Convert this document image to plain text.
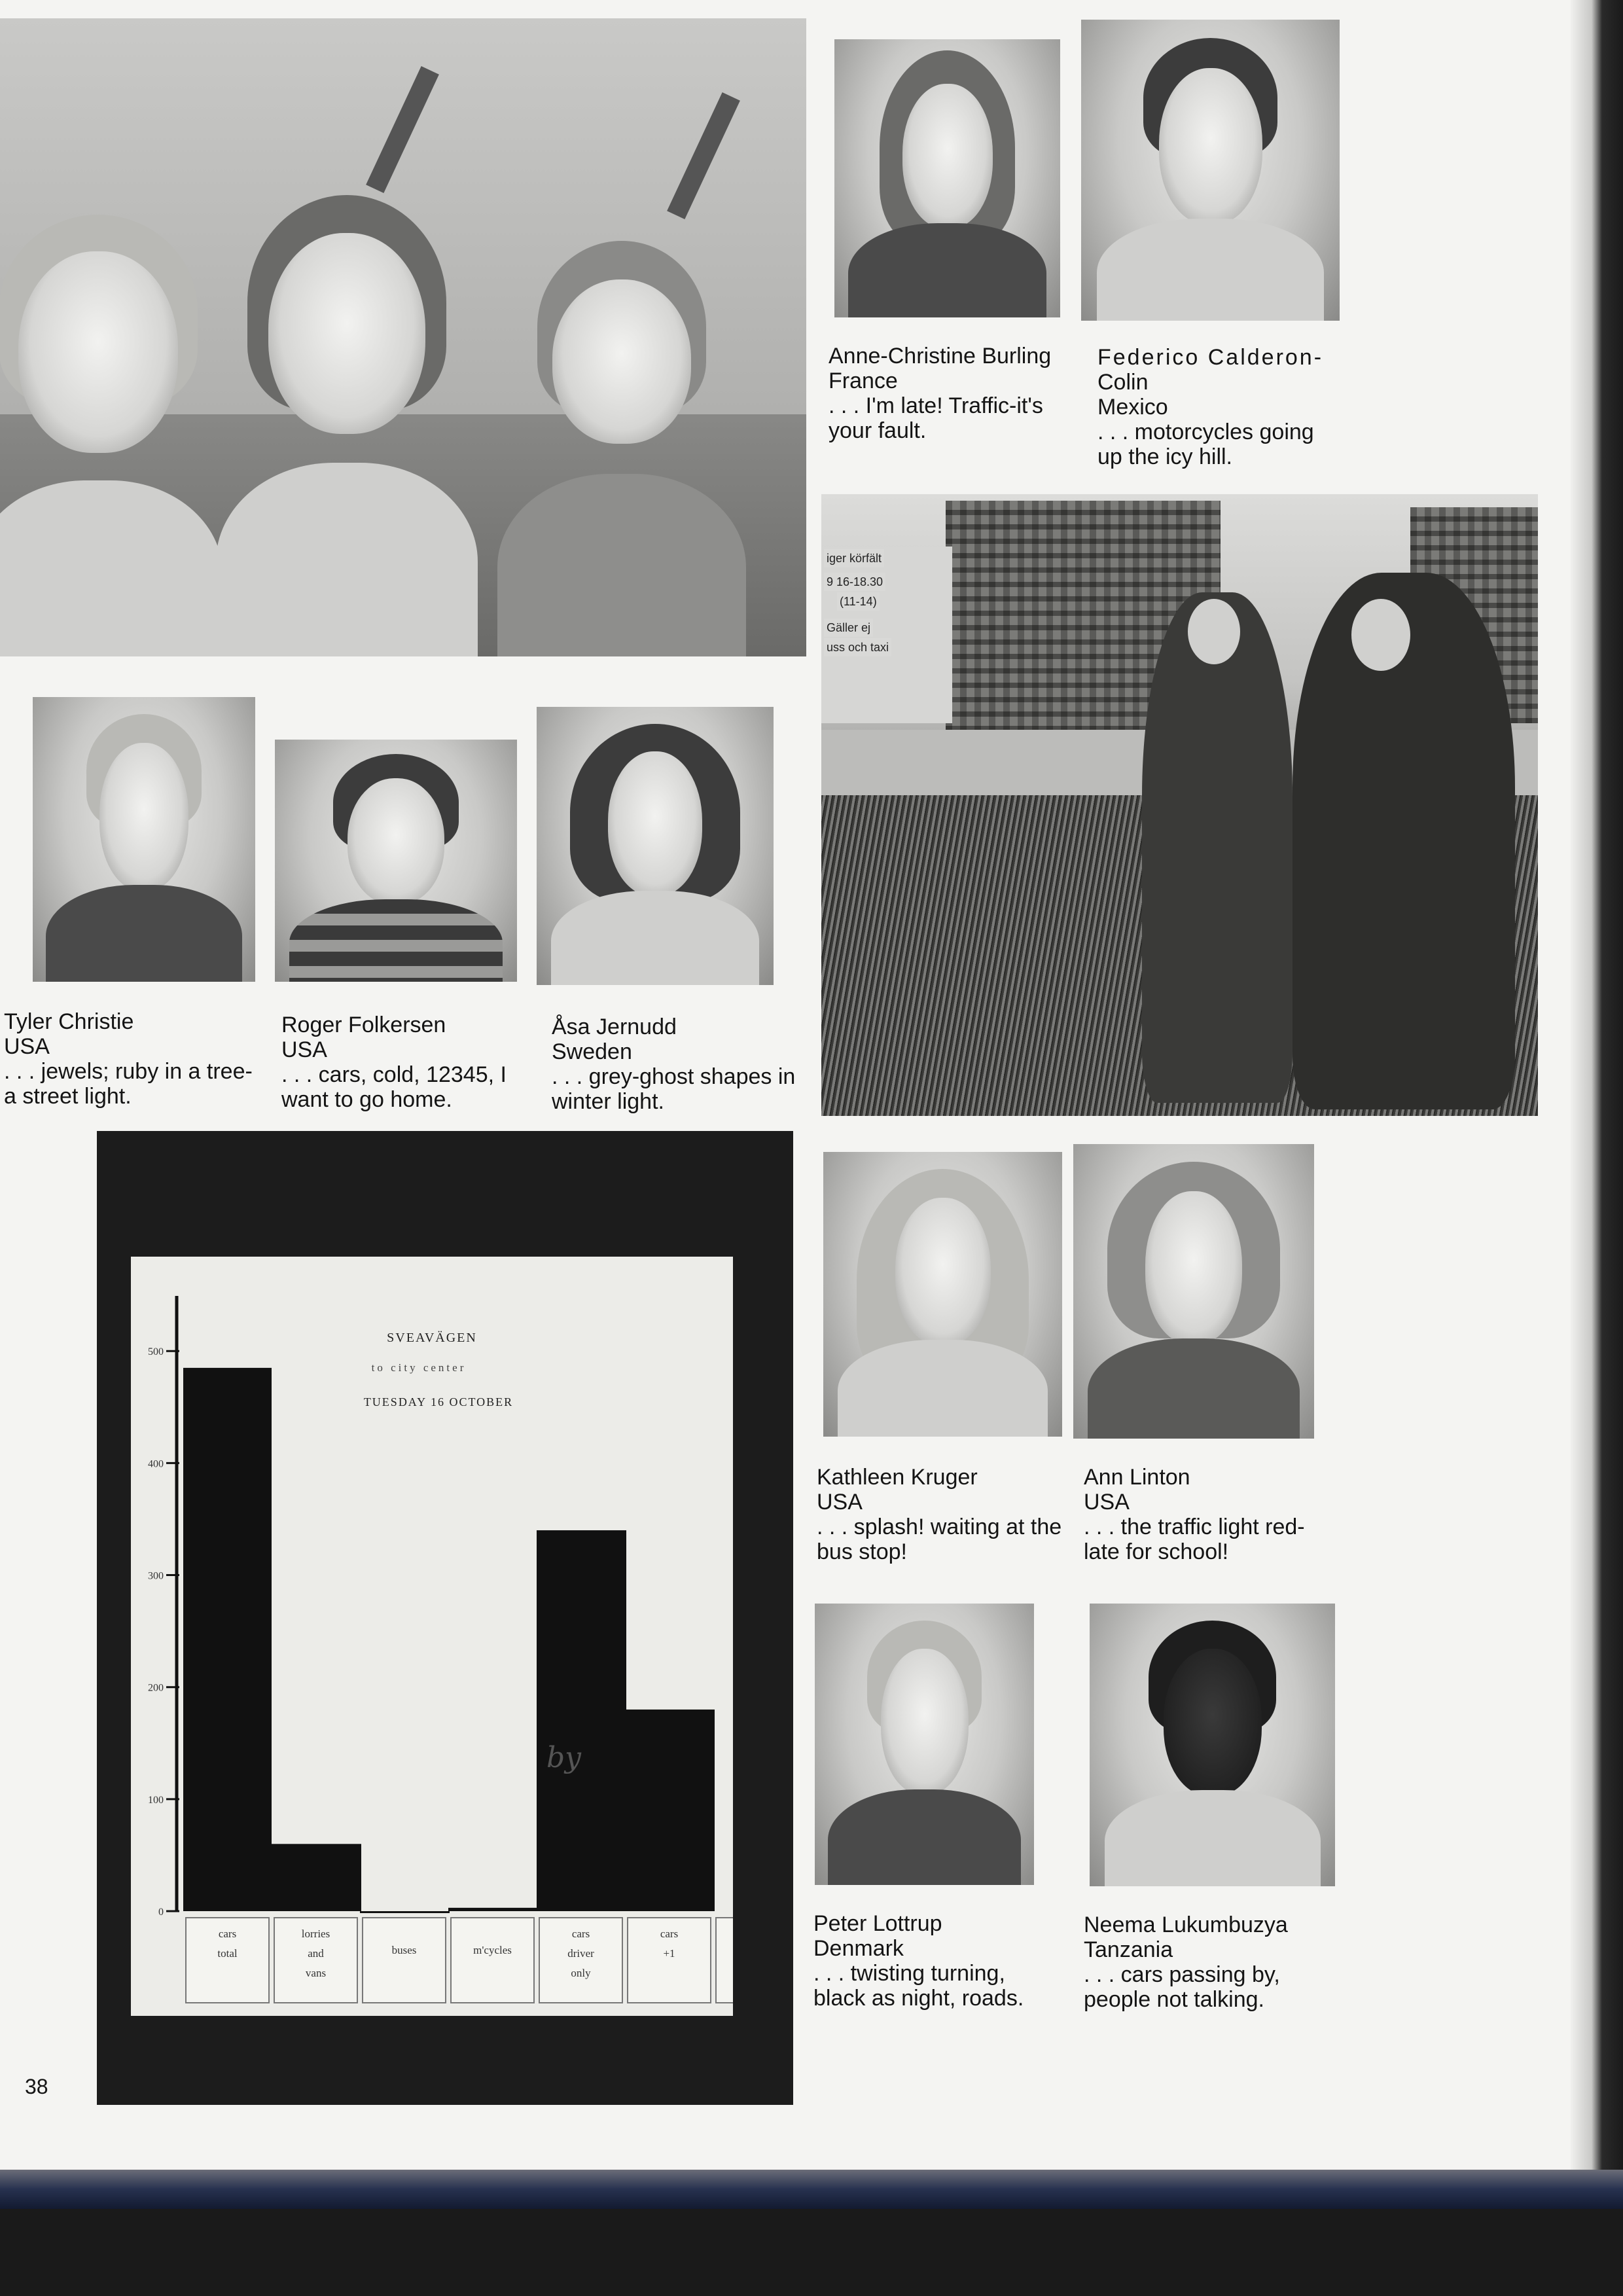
Anne-Christine Burling
France
. . . I'm late! Traffic-it's
your fault.
Federico Calderon-
Colin
Mexico
. . . motorcycles going
up the icy hill.
iger körfält
9 16-18.30
(11-14)
Gäller ej
uss och taxi
Tyler Christie
USA
. . . jewels; ruby in a tree-
a street light.
Roger Folkersen
USA
. . . cars, cold, 12345, I
want to go home.
Åsa Jernudd
Sweden
. . . grey-ghost shapes in
winter light.
0
100
200
300
400
500
cars
total
lorries
and
vans
buses	m'cycles
cars
driver
only
cars
+1
SVEAVÄGEN
to city center
TUESDAY 16 OCTOBER
by
Kathleen Kruger
USA
. . . splash! waiting at the
bus stop!
Ann Linton
USA
. . . the traffic light red-
late for school!
Peter Lottrup
Denmark
. . . twisting turning,
black as night, roads.
Neema Lukumbuzya
Tanzania
. . . cars passing by,
people not talking.
38
